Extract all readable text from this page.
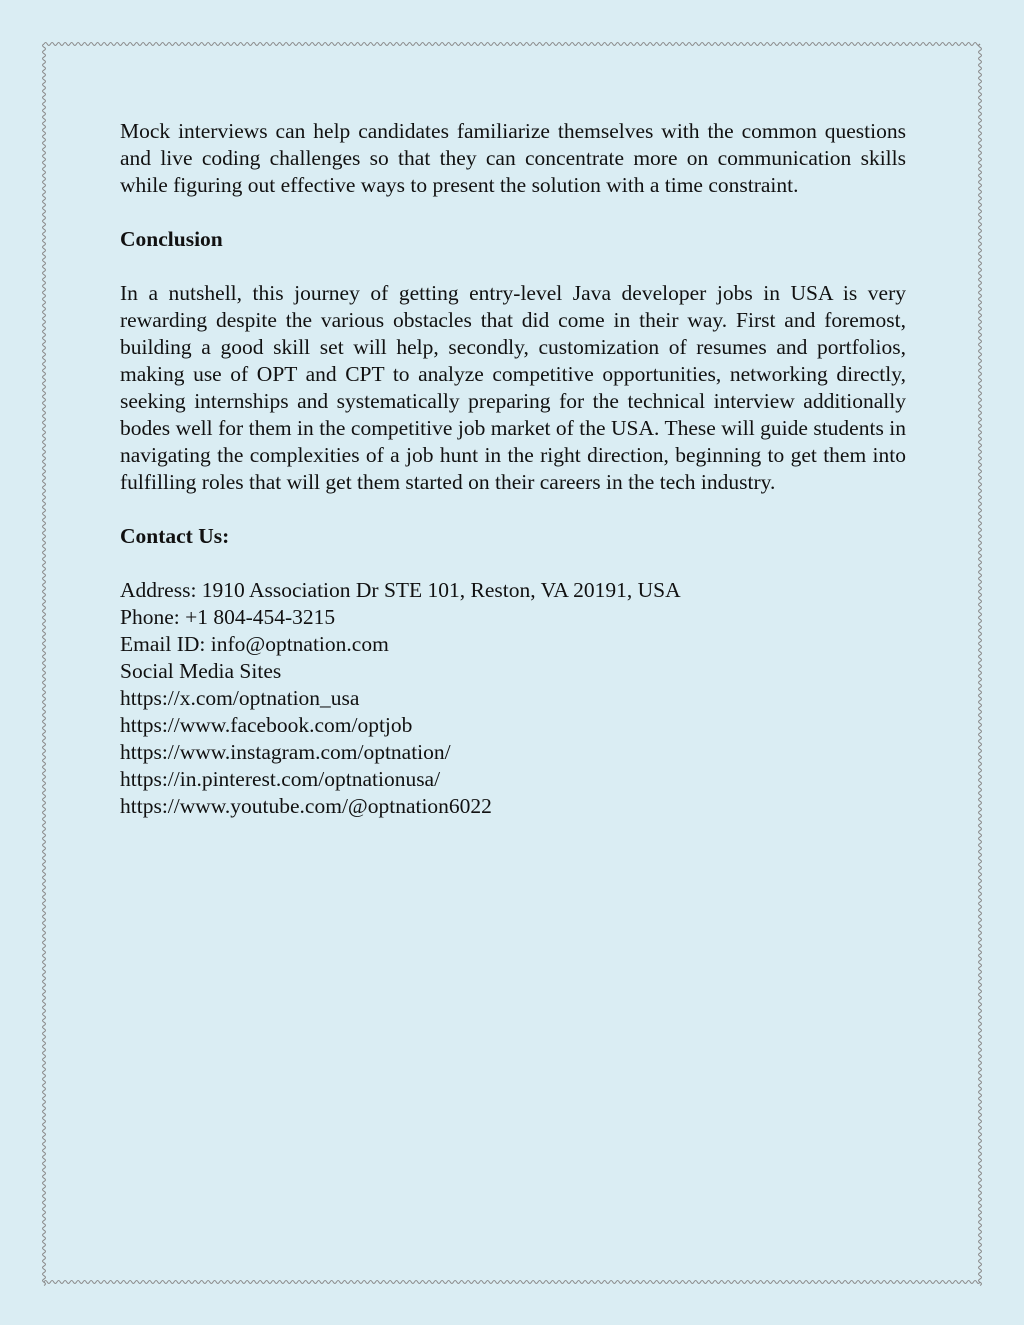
Mock interviews can help candidates familiarize themselves with the common questions and live coding challenges so that they can concentrate more on communication skills while figuring out effective ways to present the solution with a time constraint.

Conclusion

In a nutshell, this journey of getting entry-level Java developer jobs in USA is very rewarding despite the various obstacles that did come in their way. First and foremost, building a good skill set will help, secondly, customization of resumes and portfolios, making use of OPT and CPT to analyze competitive opportunities, networking directly, seeking internships and systematically preparing for the technical interview additionally bodes well for them in the competitive job market of the USA. These will guide students in navigating the complexities of a job hunt in the right direction, beginning to get them into fulfilling roles that will get them started on their careers in the tech industry.

Contact Us:
Address: 1910 Association Dr STE 101, Reston, VA 20191, USA
Phone: +1 804-454-3215
Email ID: info@optnation.com
Social Media Sites
https://x.com/optnation_usa
https://www.facebook.com/optjob
https://www.instagram.com/optnation/
https://in.pinterest.com/optnationusa/
https://www.youtube.com/@optnation6022
